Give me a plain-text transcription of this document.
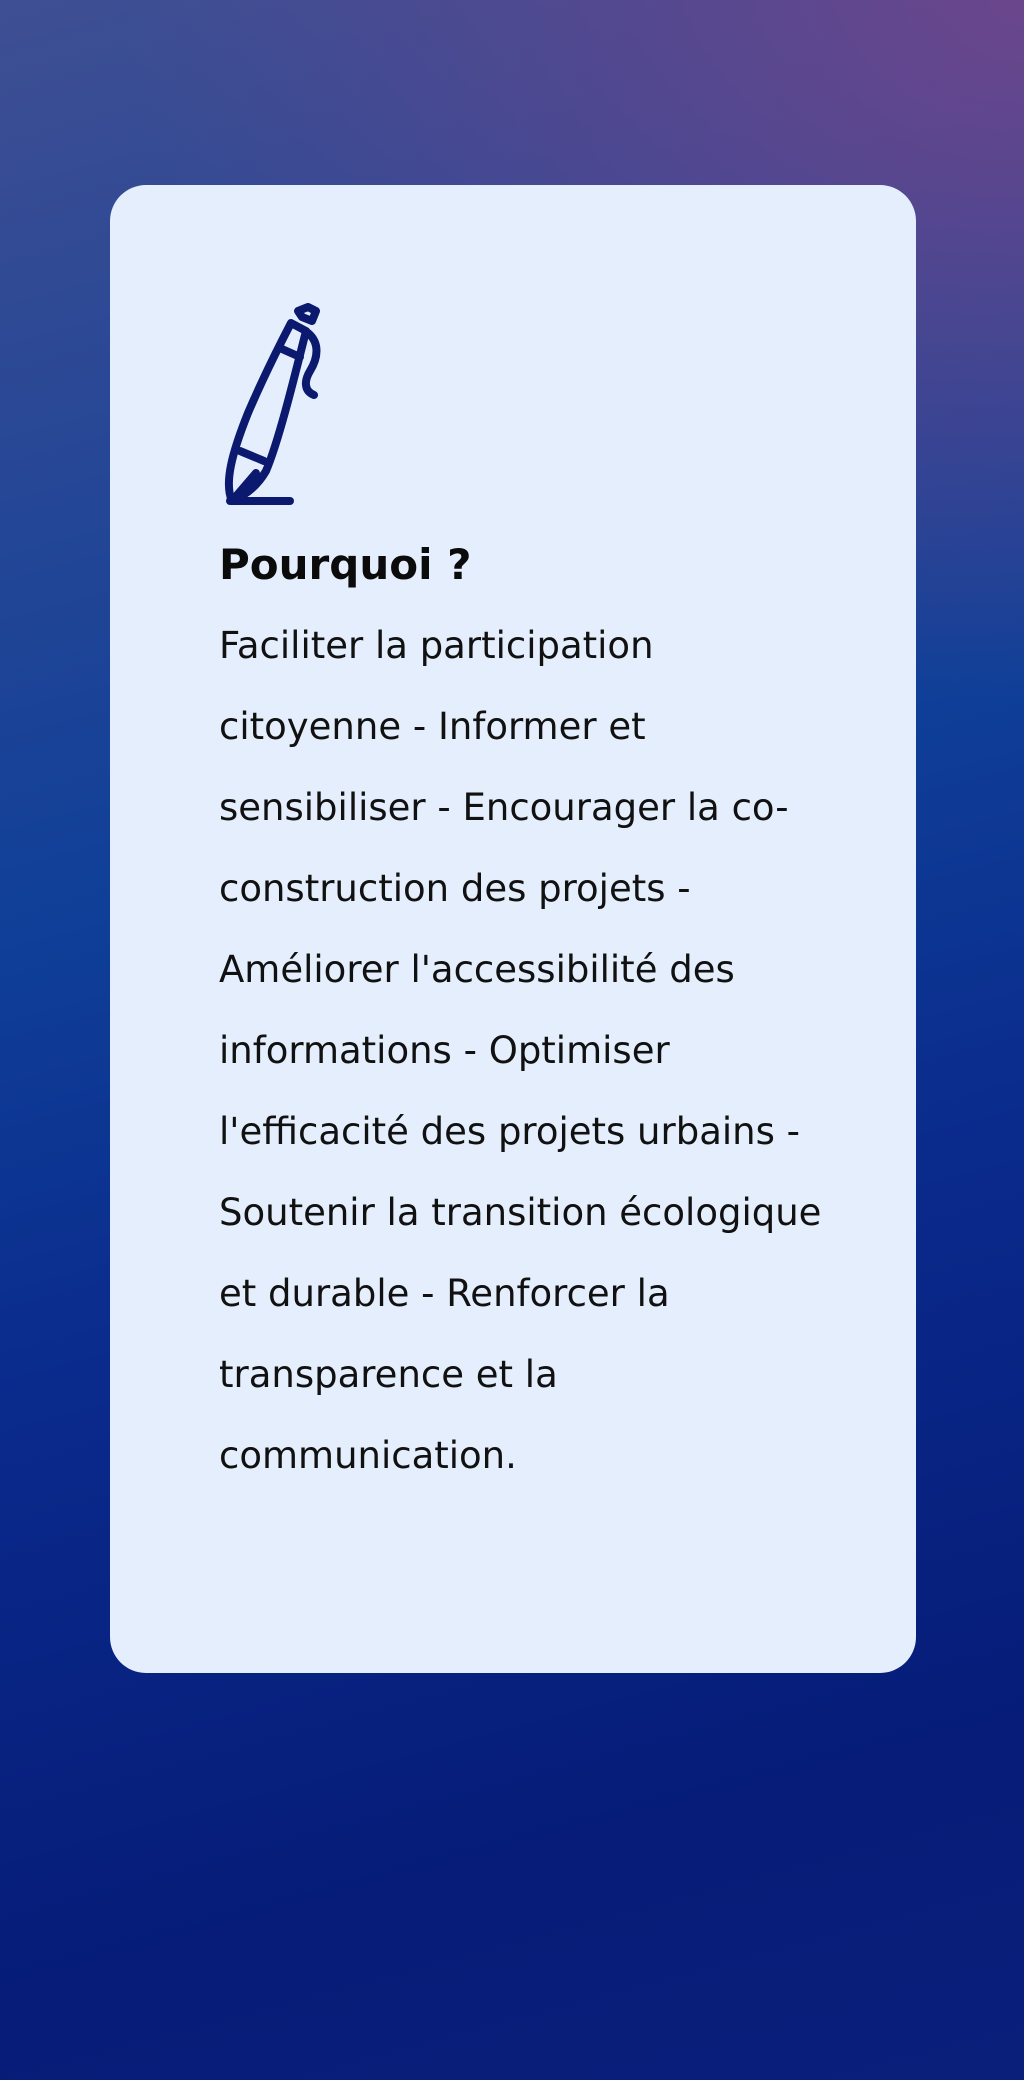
Pourquoi ?

Faciliter la participation
citoyenne - Informer et
sensibiliser - Encourager la co-
construction des projets -
Améliorer l'accessibilité des
informations - Optimiser
l'efficacité des projets urbains -
Soutenir la transition écologique
et durable - Renforcer la
transparence et la
communication.
